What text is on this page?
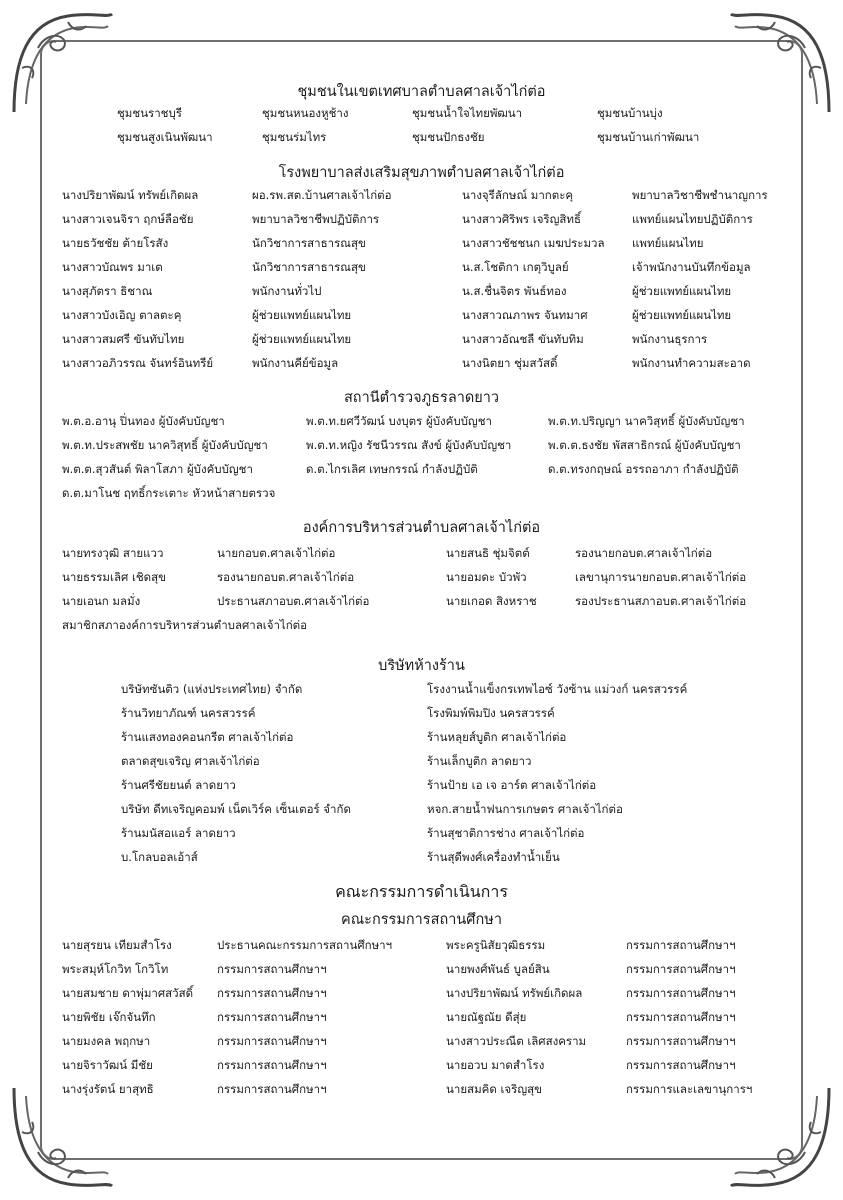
ชุมชนในเขตเทศบาลตำบลศาลเจ้าไก่ต่อ
ชุมชนราชบุรี	ชุมชนหนองหูช้าง	ชุมชนน้ำใจไทยพัฒนา	ชุมชนบ้านบุ่ง
ชุมชนสูงเนินพัฒนา	ชุมชนร่มไทร	ชุมชนปักธงชัย	ชุมชนบ้านเก่าพัฒนา
โรงพยาบาลส่งเสริมสุขภาพตำบลศาลเจ้าไก่ต่อ
นางปริยาพัฒน์ ทรัพย์เกิดผล	ผอ.รพ.สต.บ้านศาลเจ้าไก่ต่อ	นางจุรีลักษณ์ มากตะคุ	พยาบาลวิชาชีพชำนาญการ
นางสาวเจนจิรา ฤกษ์ลือชัย	พยาบาลวิชาชีพปฏิบัติการ	นางสาวศิริพร เจริญสิทธิ์	แพทย์แผนไทยปฏิบัติการ
นายธวัชชัย ต้ายโรสัง	นักวิชาการสาธารณสุข	นางสาวชัชชนก เมฆประมวล แพทย์แผนไทย
นางสาวบัณพร มาเต	นักวิชาการสาธารณสุข	น.ส.โชติกา เกตุวิบูลย์	เจ้าพนักงานบันทึกข้อมูล
นางสุภัตรา ธิชาณ	พนักงานทั่วไป	น.ส.ชื่นจิตร พันธ์ทอง	ผู้ช่วยแพทย์แผนไทย
นางสาวบังเอิญ ตาลตะคุ	ผู้ช่วยแพทย์แผนไทย	นางสาวณภาพร จันทมาศ	ผู้ช่วยแพทย์แผนไทย
นางสาวสมศรี ขันทับไทย	ผู้ช่วยแพทย์แผนไทย	นางสาวอัณชลี ขันทับทิม	พนักงานธุรการ
นางสาวอภิวรรณ จันทร์อินทรีย์	พนักงานคีย์ข้อมูล	นางนิตยา ชุ่มสวัสดิ์	พนักงานทำความสะอาด
สถานีตำรวจภูธรลาดยาว
พ.ต.อ.อานุ ปิ่นทอง ผู้บังคับบัญชา	พ.ต.ท.ยศวีวัฒน์ บงบุตร ผู้บังคับบัญชา	พ.ต.ท.ปริญญา นาควิสุทธิ์ ผู้บังคับบัญชา
พ.ต.ท.ประสพชัย นาควิสุทธิ์ ผู้บังคับบัญชา	พ.ต.ท.หญิง รัชนีวรรณ สังข์ ผู้บังคับบัญชา	พ.ต.ต.ธงชัย พัสสาธิกรณ์ ผู้บังคับบัญชา
พ.ต.ต.สุวสันต์ พิลาโสภา ผู้บังคับบัญชา	ด.ต.ไกรเลิศ เทษกรรณ์ กำลังปฏิบัติ	ด.ต.ทรงกฤษณ์ อรรถอาภา กำลังปฏิบัติ
ด.ต.มาโนช ฤทธิ์กระเตาะ หัวหน้าสายตรวจ
องค์การบริหารส่วนตำบลศาลเจ้าไก่ต่อ
นายทรงวุฒิ สายแวว	นายกอบต.ศาลเจ้าไก่ต่อ	นายสนธิ ชุ่มจิตต์	รองนายกอบต.ศาลเจ้าไก่ต่อ
นายธรรมเลิศ เชิดสุข	รองนายกอบต.ศาลเจ้าไก่ต่อ	นายอมดะ บัวพัว	เลขานุการนายกอบต.ศาลเจ้าไก่ต่อ
นายเอนก มลมั่ง	ประธานสภาอบต.ศาลเจ้าไก่ต่อ	นายเกอด สิงหราช	รองประธานสภาอบต.ศาลเจ้าไก่ต่อ
สมาชิกสภาองค์การบริหารส่วนตำบลศาลเจ้าไก่ต่อ
บริษัทห้างร้าน
บริษัทซันติว (แห่งประเทศไทย) จำกัด	โรงงานน้ำแข็งกรเทพไอซ์ วังซ้าน แม่วงก์ นครสวรรค์
ร้านวิทยาภัณฑ์ นครสวรรค์	โรงพิมพ์พิมปิง นครสวรรค์
ร้านแสงทองคอนกรีต ศาลเจ้าไก่ต่อ	ร้านหลุยส์บูติก ศาลเจ้าไก่ต่อ
ตลาดสุขเจริญ ศาลเจ้าไก่ต่อ	ร้านเล็กบูติก ลาดยาว
ร้านศรีชัยยนต์ ลาดยาว	ร้านป้าย เอ เจ อาร์ต ศาลเจ้าไก่ต่อ
บริษัท ดีทเจริญคอมพ์ เน็ตเวิร์ค เซ็นเตอร์ จำกัด	หจก.สายน้ำฟนการเกษตร ศาลเจ้าไก่ต่อ
ร้านมนัสอแอร์ ลาดยาว	ร้านสุชาติการช่าง ศาลเจ้าไก่ต่อ
บ.โกลบอลเอ้าส์	ร้านสุดีพงศ์เครื่องทำน้ำเย็น
คณะกรรมการดำเนินการ
คณะกรรมการสถานศึกษา
นายสุรยน เทียมสำโรง	ประธานคณะกรรมการสถานศึกษาฯ	พระครูนิสัยวุฒิธรรม	กรรมการสถานศึกษาฯ
พระสมุห์โกวิท โกวิโท	กรรมการสถานศึกษาฯ	นายพงศ์พันธ์ บูลย์สิน	กรรมการสถานศึกษาฯ
นายสมชาย ดาพุ่มาศสวัสดิ์ กรรมการสถานศึกษาฯ	นางปริยาพัฒน์ ทรัพย์เกิดผล	กรรมการสถานศึกษาฯ
นายพิชัย เจ๊กจันทึก	กรรมการสถานศึกษาฯ	นายณัฐณัย ดีสุ่ย	กรรมการสถานศึกษาฯ
นายมงคล พฤกษา	กรรมการสถานศึกษาฯ	นางสาวประณีต เลิศสงคราม	กรรมการสถานศึกษาฯ
นายจิราวัฒน์ มีชัย	กรรมการสถานศึกษาฯ	นายอวบ มาดสำโรง	กรรมการสถานศึกษาฯ
นางรุ่งรัตน์ ยาสุทธิ	กรรมการสถานศึกษาฯ	นายสมคิด เจริญสุข	กรรมการและเลขานุการฯ
